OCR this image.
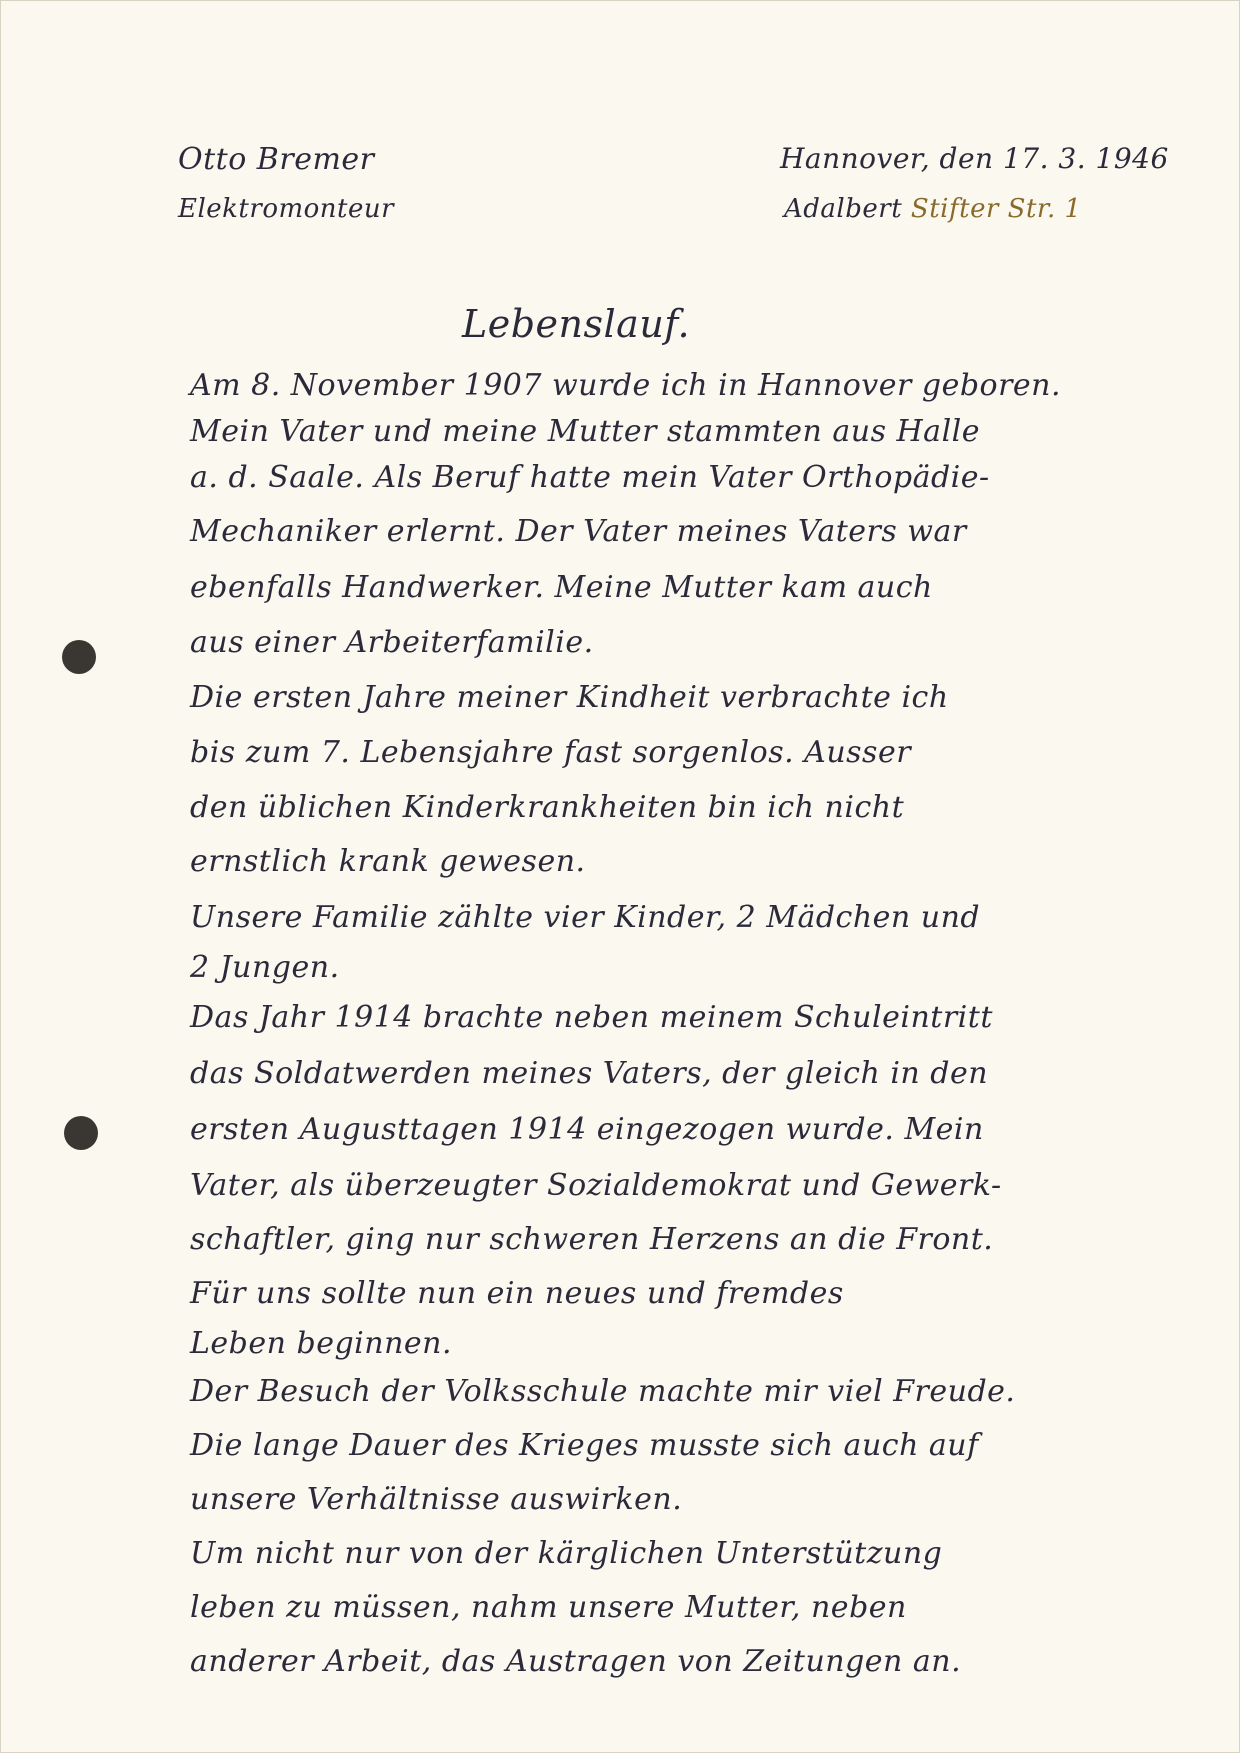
Otto Bremer
Elektromonteur
Hannover, den 17. 3. 1946
Adalbert Stifter Str. 1
Lebenslauf.
Am 8. November 1907 wurde ich in Hannover geboren.
Mein Vater und meine Mutter stammten aus Halle
a. d. Saale. Als Beruf hatte mein Vater Orthopädie-
Mechaniker erlernt. Der Vater meines Vaters war
ebenfalls Handwerker. Meine Mutter kam auch
aus einer Arbeiterfamilie.
Die ersten Jahre meiner Kindheit verbrachte ich
bis zum 7. Lebensjahre fast sorgenlos. Ausser
den üblichen Kinderkrankheiten bin ich nicht
ernstlich krank gewesen.
Unsere Familie zählte vier Kinder, 2 Mädchen und
2 Jungen.
Das Jahr 1914 brachte neben meinem Schuleintritt
das Soldatwerden meines Vaters, der gleich in den
ersten Augusttagen 1914 eingezogen wurde. Mein
Vater, als überzeugter Sozialdemokrat und Gewerk-
schaftler, ging nur schweren Herzens an die Front.
Für uns sollte nun ein neues und fremdes
Leben beginnen.
Der Besuch der Volksschule machte mir viel Freude.
Die lange Dauer des Krieges musste sich auch auf
unsere Verhältnisse auswirken.
Um nicht nur von der kärglichen Unterstützung
leben zu müssen, nahm unsere Mutter, neben
anderer Arbeit, das Austragen von Zeitungen an.
